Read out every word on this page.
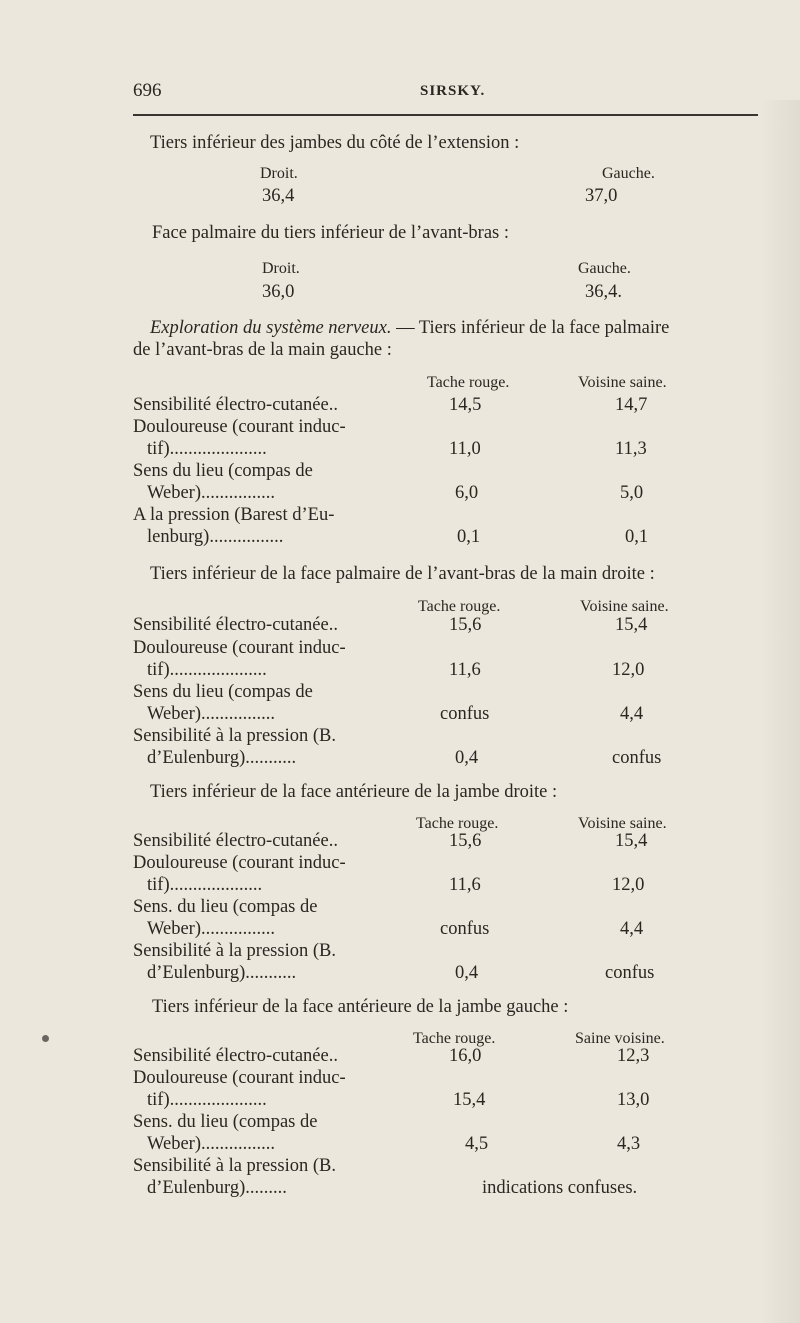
696	SIRSKY.
Tiers inférieur des jambes du côté de l’extension :
Droit.	Gauche.
36,4	37,0
Face palmaire du tiers inférieur de l’avant-bras :
Droit.	Gauche.
36,0	36,4.
Exploration du système nerveux. — Tiers inférieur de la face palmaire
de l’avant-bras de la main gauche :
Tache rouge.	Voisine saine.
Sensibilité électro-cutanée..	14,5	14,7
Douloureuse (courant induc-
tif).....................	11,0	11,3
Sens du lieu (compas de
Weber)................	6,0	5,0
A la pression (Barest d’Eu-
lenburg)................	0,1	0,1
Tiers inférieur de la face palmaire de l’avant-bras de la main droite :
Tache rouge.	Voisine saine.
Sensibilité électro-cutanée..	15,6	15,4
Douloureuse (courant induc-
tif).....................	11,6	12,0
Sens du lieu (compas de
Weber)................	confus	4,4
Sensibilité à la pression (B.
d’Eulenburg)...........	0,4	confus
Tiers inférieur de la face antérieure de la jambe droite :
Tache rouge.	Voisine saine.
Sensibilité électro-cutanée..	15,6	15,4
Douloureuse (courant induc-
tif)....................	11,6	12,0
Sens. du lieu (compas de
Weber)................	confus	4,4
Sensibilité à la pression (B.
d’Eulenburg)...........	0,4	confus
Tiers inférieur de la face antérieure de la jambe gauche :
Tache rouge.	Saine voisine.
Sensibilité électro-cutanée..	16,0	12,3
Douloureuse (courant induc-
tif).....................	15,4	13,0
Sens. du lieu (compas de
Weber)................	4,5	4,3
Sensibilité à la pression (B.
d’Eulenburg).........	indications confuses.
